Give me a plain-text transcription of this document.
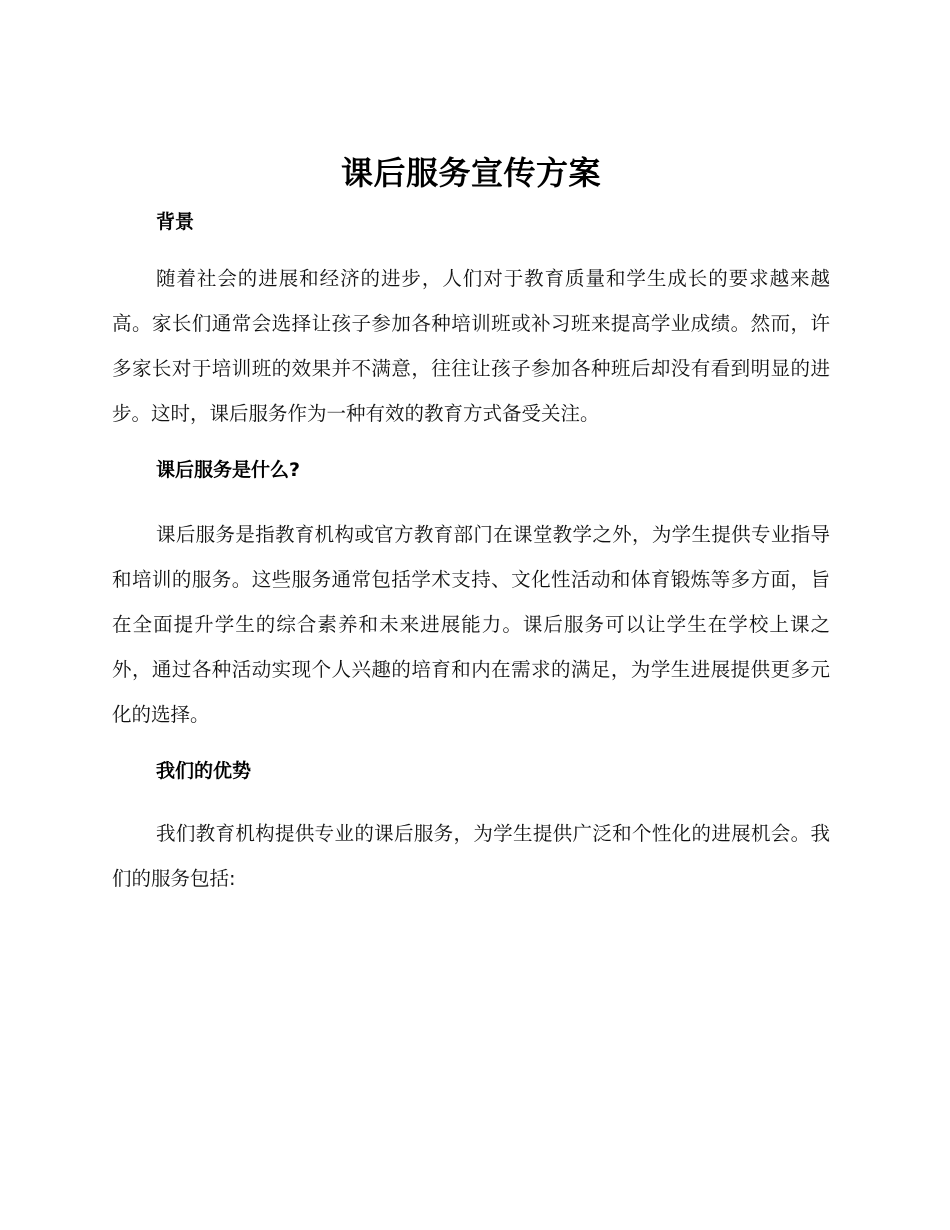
课后服务宣传方案
背景

随着社会的进展和经济的进步，人们对于教育质量和学生成长的要求越来越高。家长们通常会选择让孩子参加各种培训班或补习班来提高学业成绩。然而，许多家长对于培训班的效果并不满意，往往让孩子参加各种班后却没有看到明显的进步。这时，课后服务作为一种有效的教育方式备受关注。

课后服务是什么?

课后服务是指教育机构或官方教育部门在课堂教学之外，为学生提供专业指导和培训的服务。这些服务通常包括学术支持、文化性活动和体育锻炼等多方面，旨在全面提升学生的综合素养和未来进展能力。课后服务可以让学生在学校上课之外，通过各种活动实现个人兴趣的培育和内在需求的满足，为学生进展提供更多元化的选择。

我们的优势

我们教育机构提供专业的课后服务，为学生提供广泛和个性化的进展机会。我们的服务包括:
